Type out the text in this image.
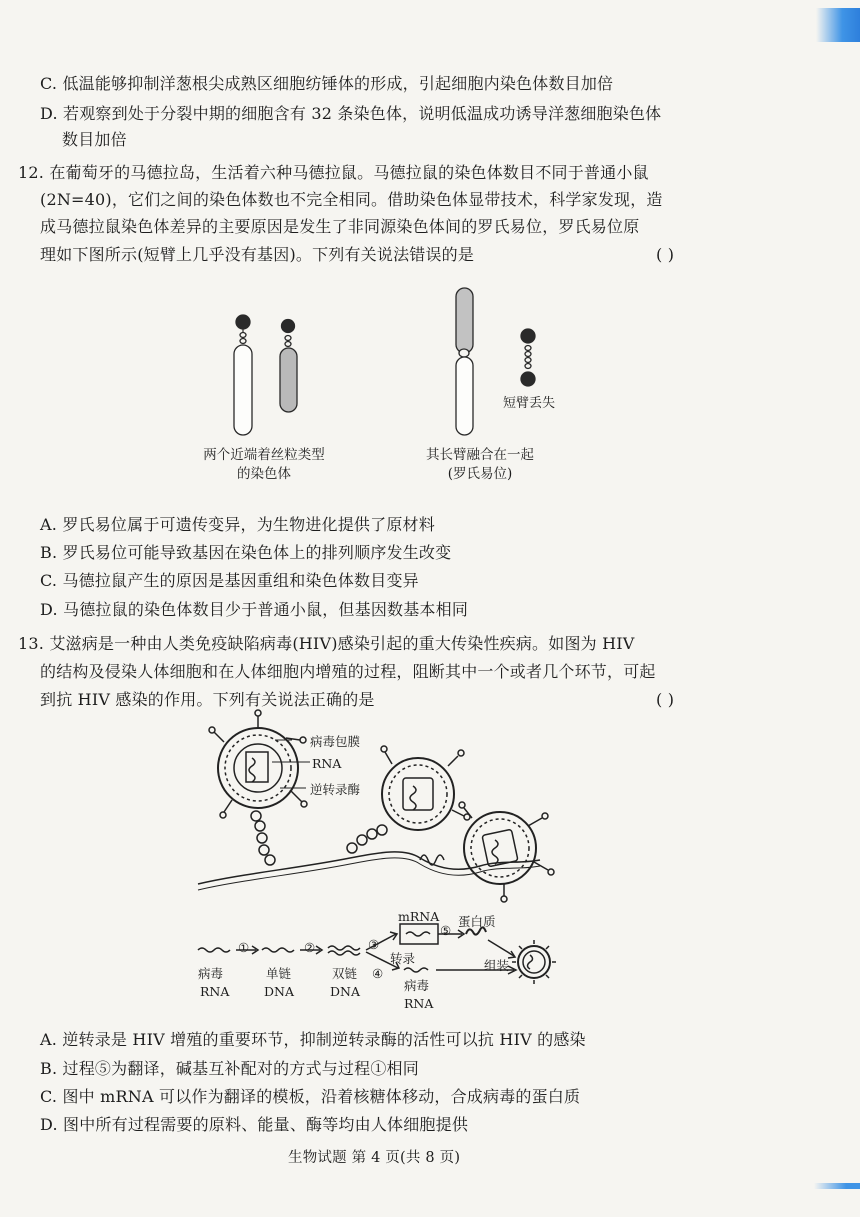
C. 低温能够抑制洋葱根尖成熟区细胞纺锤体的形成，引起细胞内染色体数目加倍
D. 若观察到处于分裂中期的细胞含有 32 条染色体，说明低温成功诱导洋葱细胞染色体
数目加倍
12. 在葡萄牙的马德拉岛，生活着六种马德拉鼠。马德拉鼠的染色体数目不同于普通小鼠
(2N=40)，它们之间的染色体数也不完全相同。借助染色体显带技术，科学家发现，造
成马德拉鼠染色体差异的主要原因是发生了非同源染色体间的罗氏易位，罗氏易位原
理如下图所示(短臂上几乎没有基因)。下列有关说法错误的是	( )
短臂丢失
两个近端着丝粒类型
的染色体
其长臂融合在一起
(罗氏易位)
A. 罗氏易位属于可遗传变异，为生物进化提供了原材料
B. 罗氏易位可能导致基因在染色体上的排列顺序发生改变
C. 马德拉鼠产生的原因是基因重组和染色体数目变异
D. 马德拉鼠的染色体数目少于普通小鼠，但基因数基本相同
13. 艾滋病是一种由人类免疫缺陷病毒(HIV)感染引起的重大传染性疾病。如图为 HIV
的结构及侵染人体细胞和在人体细胞内增殖的过程，阻断其中一个或者几个环节，可起
到抗 HIV 感染的作用。下列有关说法正确的是	( )
病毒包膜
RNA
逆转录酶
①	②	③
④
⑤
mRNA 蛋白质
组装
转录
病毒
RNA
单链
DNA
双链
DNA	病毒
RNA
A. 逆转录是 HIV 增殖的重要环节，抑制逆转录酶的活性可以抗 HIV 的感染
B. 过程⑤为翻译，碱基互补配对的方式与过程①相同
C. 图中 mRNA 可以作为翻译的模板，沿着核糖体移动，合成病毒的蛋白质
D. 图中所有过程需要的原料、能量、酶等均由人体细胞提供
生物试题 第 4 页(共 8 页)
